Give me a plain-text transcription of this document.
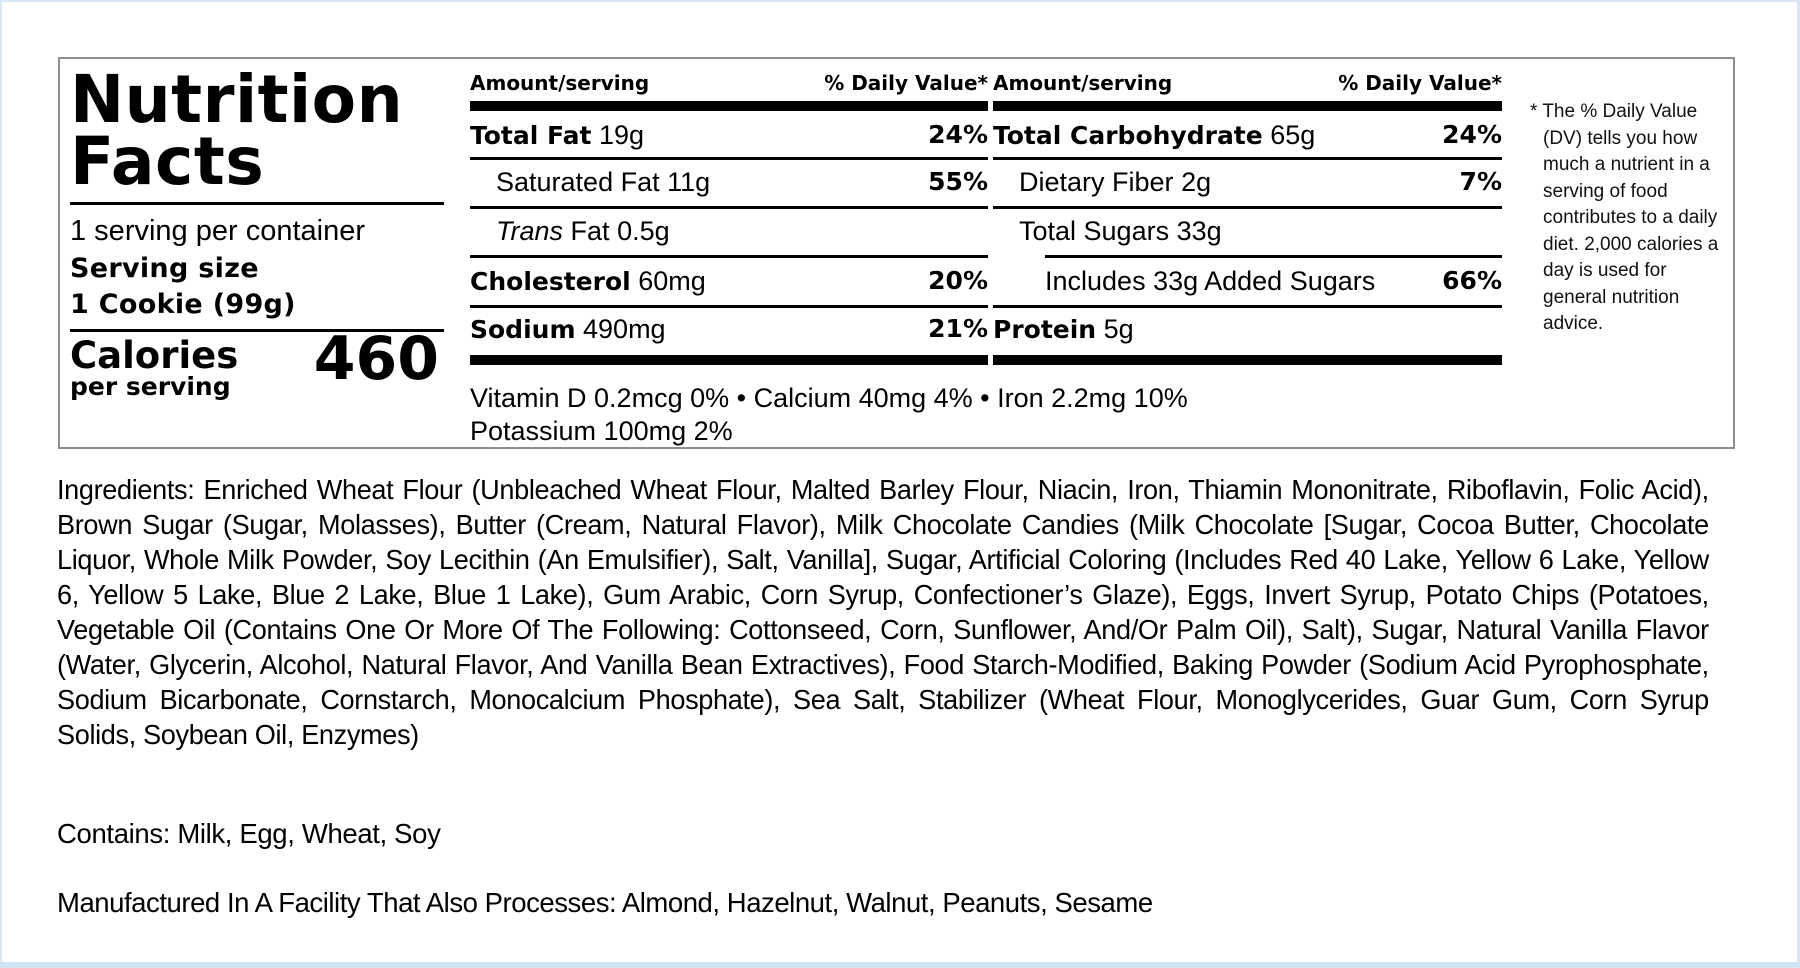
Nutrition
Facts
1 serving per container
Serving size
1 Cookie (99g)
Calories
per serving 460
Amount/serving	% Daily Value*
Total Fat 19g	24%
Saturated Fat 11g	55%
Trans Fat 0.5g
Cholesterol 60mg	20%
Sodium 490mg	21%
Amount/serving	% Daily Value*
Total Carbohydrate 65g	24%
Dietary Fiber 2g	7%
Total Sugars 33g
Includes 33g Added Sugars	66%
Protein 5g
Vitamin D 0.2mcg 0% • Calcium 40mg 4% • Iron 2.2mg 10%
Potassium 100mg 2%
* The % Daily Value (DV) tells you how much a nutrient in a serving of food contributes to a daily diet. 2,000 calories a day is used for general nutrition advice.
Ingredients: Enriched Wheat Flour (Unbleached Wheat Flour, Malted Barley Flour, Niacin, Iron, Thiamin Mononitrate, Riboflavin, Folic Acid), Brown Sugar (Sugar, Molasses), Butter (Cream, Natural Flavor), Milk Chocolate Candies (Milk Chocolate [Sugar, Cocoa Butter, Chocolate Liquor, Whole Milk Powder, Soy Lecithin (An Emulsifier), Salt, Vanilla], Sugar, Artificial Coloring (Includes Red 40 Lake, Yellow 6 Lake, Yellow 6, Yellow 5 Lake, Blue 2 Lake, Blue 1 Lake), Gum Arabic, Corn Syrup, Confectioner’s Glaze), Eggs, Invert Syrup, Potato Chips (Potatoes, Vegetable Oil (Contains One Or More Of The Following: Cottonseed, Corn, Sunflower, And/Or Palm Oil), Salt), Sugar, Natural Vanilla Flavor (Water, Glycerin, Alcohol, Natural Flavor, And Vanilla Bean Extractives), Food Starch-Modified, Baking Powder (Sodium Acid Pyrophosphate, Sodium Bicarbonate, Cornstarch, Monocalcium Phosphate), Sea Salt, Stabilizer (Wheat Flour, Monoglycerides, Guar Gum, Corn Syrup Solids, Soybean Oil, Enzymes)
Contains: Milk, Egg, Wheat, Soy
Manufactured In A Facility That Also Processes: Almond, Hazelnut, Walnut, Peanuts, Sesame
